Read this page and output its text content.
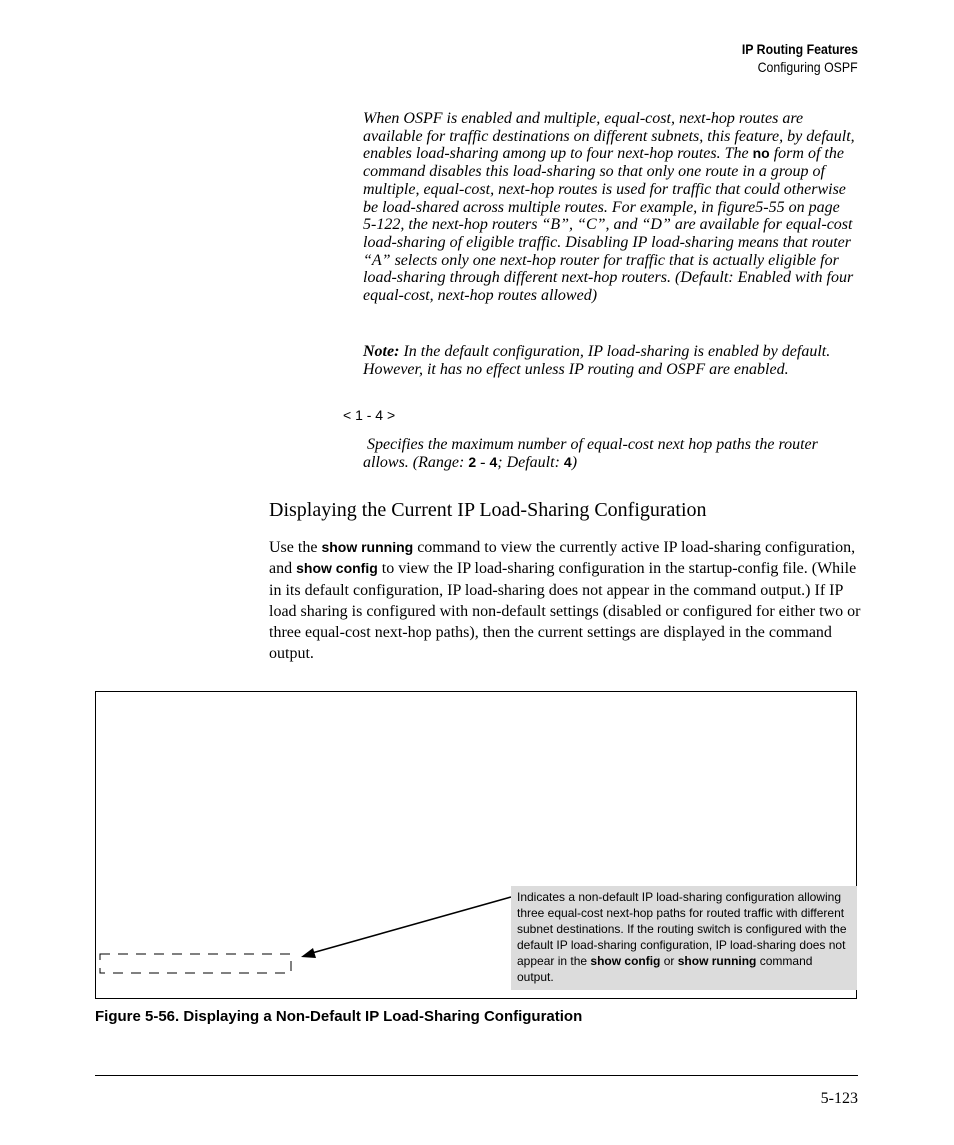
IP Routing Features
Configuring OSPF
When OSPF is enabled and multiple, equal-cost, next-hop routes are available for traffic destinations on different subnets, this feature, by default, enables load-sharing among up to four next-hop routes. The no form of the command disables this load-sharing so that only one route in a group of multiple, equal-cost, next-hop routes is used for traffic that could otherwise be load-shared across multiple routes. For example, in figure5-55 on page 5-122, the next-hop routers “B”, “C”, and “D” are available for equal-cost load-sharing of eligible traffic. Disabling IP load-sharing means that router “A” selects only one next-hop router for traffic that is actually eligible for load-sharing through different next-hop routers. (Default: Enabled with four equal-cost, next-hop routes allowed)
Note: In the default configuration, IP load-sharing is enabled by default. However, it has no effect unless IP routing and OSPF are enabled.
< 1 - 4 >
Specifies the maximum number of equal-cost next hop paths the router allows. (Range: 2 - 4; Default: 4)
Displaying the Current IP Load-Sharing Configuration
Use the show running command to view the currently active IP load-sharing configuration, and show config to view the IP load-sharing configuration in the startup-config file. (While in its default configuration, IP load-sharing does not appear in the command output.) If IP load sharing is configured with non-default settings (disabled or configured for either two or three equal-cost next-hop paths), then the current settings are displayed in the command output.
Indicates a non-default IP load-sharing configuration allowing three equal-cost next-hop paths for routed traffic with different subnet destinations. If the routing switch is configured with the default IP load-sharing configuration, IP load-sharing does not appear in the show config or show running command output.
Figure 5-56. Displaying a Non-Default IP Load-Sharing Configuration
5-123
